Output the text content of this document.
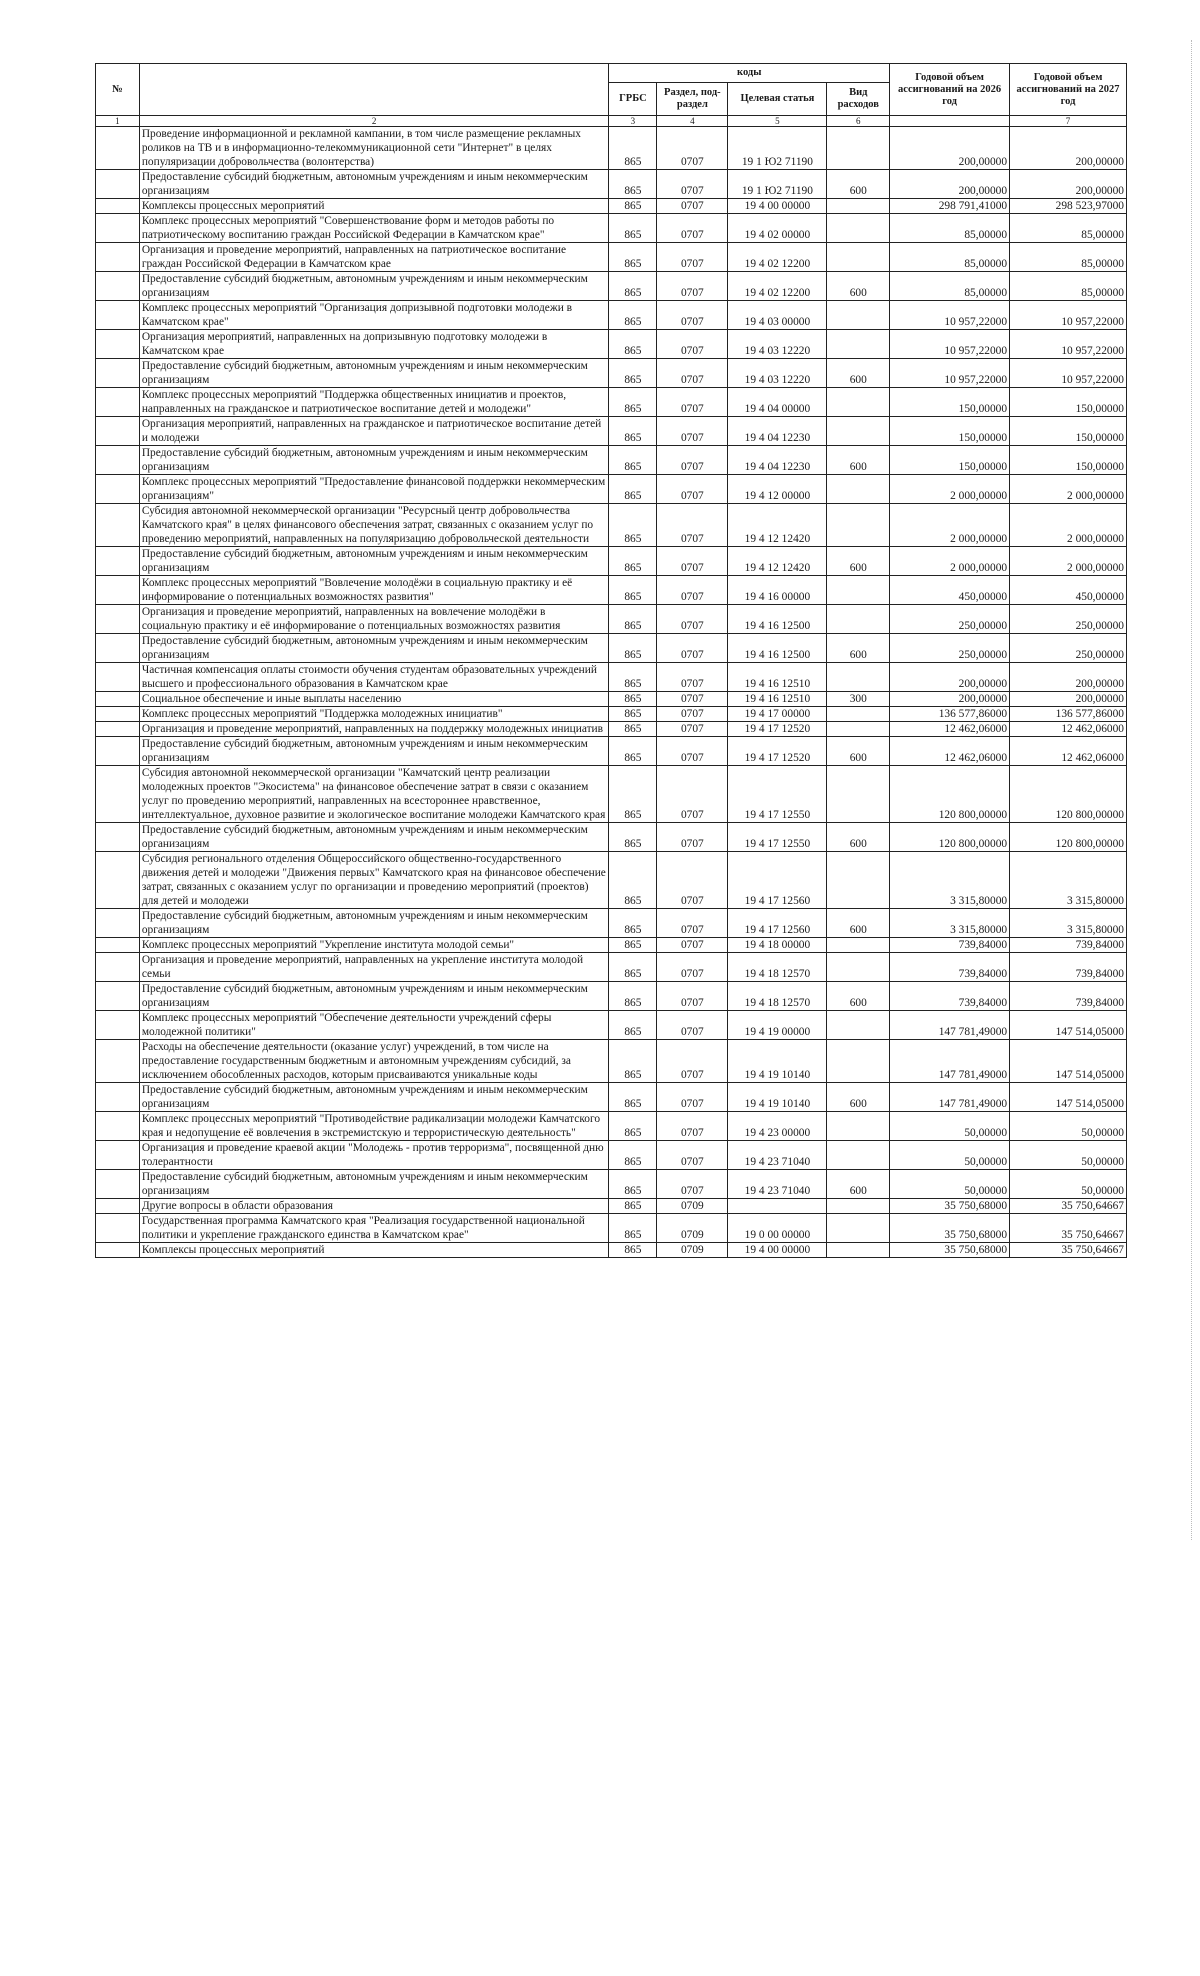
№		коды				Годовой объем ассигнований на 2026 год	Годовой объем ассигнований на 2027 год
		ГРБС	Раздел, под-раздел	Целевая статья	Вид расходов		
1	2	3	4	5	6		7
	Проведение информационной и рекламной кампании, в том числе размещение рекламных роликов на ТВ и в информационно-телекоммуникационной сети "Интернет" в целях популяризации добровольчества (волонтерства)	865	0707	19 1 Ю2 71190		200,00000	200,00000
	Предоставление субсидий бюджетным, автономным учреждениям и иным некоммерческим организациям	865	0707	19 1 Ю2 71190	600	200,00000	200,00000
	Комплексы процессных мероприятий	865	0707	19 4 00 00000		298 791,41000	298 523,97000
	Комплекс процессных мероприятий "Совершенствование форм и методов работы по патриотическому воспитанию граждан Российской Федерации в Камчатском крае"	865	0707	19 4 02 00000		85,00000	85,00000
	Организация и проведение мероприятий, направленных на патриотическое воспитание граждан Российской Федерации в Камчатском крае	865	0707	19 4 02 12200		85,00000	85,00000
	Предоставление субсидий бюджетным, автономным учреждениям и иным некоммерческим организациям	865	0707	19 4 02 12200	600	85,00000	85,00000
	Комплекс процессных мероприятий "Организация допризывной подготовки молодежи в Камчатском крае"	865	0707	19 4 03 00000		10 957,22000	10 957,22000
	Организация мероприятий, направленных на допризывную подготовку молодежи в Камчатском крае	865	0707	19 4 03 12220		10 957,22000	10 957,22000
	Предоставление субсидий бюджетным, автономным учреждениям и иным некоммерческим организациям	865	0707	19 4 03 12220	600	10 957,22000	10 957,22000
	Комплекс процессных мероприятий "Поддержка общественных инициатив и проектов, направленных на гражданское и патриотическое воспитание детей и молодежи"	865	0707	19 4 04 00000		150,00000	150,00000
	Организация мероприятий, направленных на гражданское и патриотическое воспитание детей и молодежи	865	0707	19 4 04 12230		150,00000	150,00000
	Предоставление субсидий бюджетным, автономным учреждениям и иным некоммерческим организациям	865	0707	19 4 04 12230	600	150,00000	150,00000
	Комплекс процессных мероприятий "Предоставление финансовой поддержки некоммерческим организациям"	865	0707	19 4 12 00000		2 000,00000	2 000,00000
	Субсидия автономной некоммерческой организации "Ресурсный центр добровольчества Камчатского края" в целях финансового обеспечения затрат, связанных с оказанием услуг по проведению мероприятий, направленных на популяризацию добровольческой деятельности	865	0707	19 4 12 12420		2 000,00000	2 000,00000
	Предоставление субсидий бюджетным, автономным учреждениям и иным некоммерческим организациям	865	0707	19 4 12 12420	600	2 000,00000	2 000,00000
	Комплекс процессных мероприятий "Вовлечение молодёжи в социальную практику и её информирование о потенциальных возможностях развития"	865	0707	19 4 16 00000		450,00000	450,00000
	Организация и проведение мероприятий, направленных на вовлечение молодёжи в социальную практику и её информирование о потенциальных возможностях развития	865	0707	19 4 16 12500		250,00000	250,00000
	Предоставление субсидий бюджетным, автономным учреждениям и иным некоммерческим организациям	865	0707	19 4 16 12500	600	250,00000	250,00000
	Частичная компенсация оплаты стоимости обучения студентам образовательных учреждений высшего и профессионального образования в Камчатском крае	865	0707	19 4 16 12510		200,00000	200,00000
	Социальное обеспечение и иные выплаты населению	865	0707	19 4 16 12510	300	200,00000	200,00000
	Комплекс процессных мероприятий "Поддержка молодежных инициатив"	865	0707	19 4 17 00000		136 577,86000	136 577,86000
	Организация и проведение мероприятий, направленных на поддержку молодежных инициатив	865	0707	19 4 17 12520		12 462,06000	12 462,06000
	Предоставление субсидий бюджетным, автономным учреждениям и иным некоммерческим организациям	865	0707	19 4 17 12520	600	12 462,06000	12 462,06000
	Субсидия автономной некоммерческой организации "Камчатский центр реализации молодежных проектов "Экосистема" на финансовое обеспечение затрат в связи с оказанием услуг по проведению мероприятий, направленных на всестороннее нравственное, интеллектуальное, духовное развитие и экологическое воспитание молодежи Камчатского края	865	0707	19 4 17 12550		120 800,00000	120 800,00000
	Предоставление субсидий бюджетным, автономным учреждениям и иным некоммерческим организациям	865	0707	19 4 17 12550	600	120 800,00000	120 800,00000
	Субсидия регионального отделения Общероссийского общественно-государственного движения детей и молодежи "Движения первых" Камчатского края на финансовое обеспечение затрат, связанных с оказанием услуг по организации и проведению мероприятий (проектов) для детей и молодежи	865	0707	19 4 17 12560		3 315,80000	3 315,80000
	Предоставление субсидий бюджетным, автономным учреждениям и иным некоммерческим организациям	865	0707	19 4 17 12560	600	3 315,80000	3 315,80000
	Комплекс процессных мероприятий "Укрепление института молодой семьи"	865	0707	19 4 18 00000		739,84000	739,84000
	Организация и проведение мероприятий, направленных на укрепление института молодой семьи	865	0707	19 4 18 12570		739,84000	739,84000
	Предоставление субсидий бюджетным, автономным учреждениям и иным некоммерческим организациям	865	0707	19 4 18 12570	600	739,84000	739,84000
	Комплекс процессных мероприятий "Обеспечение деятельности учреждений сферы молодежной политики"	865	0707	19 4 19 00000		147 781,49000	147 514,05000
	Расходы на обеспечение деятельности (оказание услуг) учреждений, в том числе на предоставление государственным бюджетным и автономным учреждениям субсидий, за исключением обособленных расходов, которым присваиваются уникальные коды	865	0707	19 4 19 10140		147 781,49000	147 514,05000
	Предоставление субсидий бюджетным, автономным учреждениям и иным некоммерческим организациям	865	0707	19 4 19 10140	600	147 781,49000	147 514,05000
	Комплекс процессных мероприятий "Противодействие радикализации молодежи Камчатского края и недопущение её вовлечения в экстремистскую и террористическую деятельность"	865	0707	19 4 23 00000		50,00000	50,00000
	Организация и проведение краевой акции "Молодежь - против терроризма", посвященной дню толерантности	865	0707	19 4 23 71040		50,00000	50,00000
	Предоставление субсидий бюджетным, автономным учреждениям и иным некоммерческим организациям	865	0707	19 4 23 71040	600	50,00000	50,00000
	Другие вопросы в области образования	865	0709			35 750,68000	35 750,64667
	Государственная программа Камчатского края "Реализация государственной национальной политики и укрепление гражданского единства в Камчатском крае"	865	0709	19 0 00 00000		35 750,68000	35 750,64667
	Комплексы процессных мероприятий	865	0709	19 4 00 00000		35 750,68000	35 750,64667
